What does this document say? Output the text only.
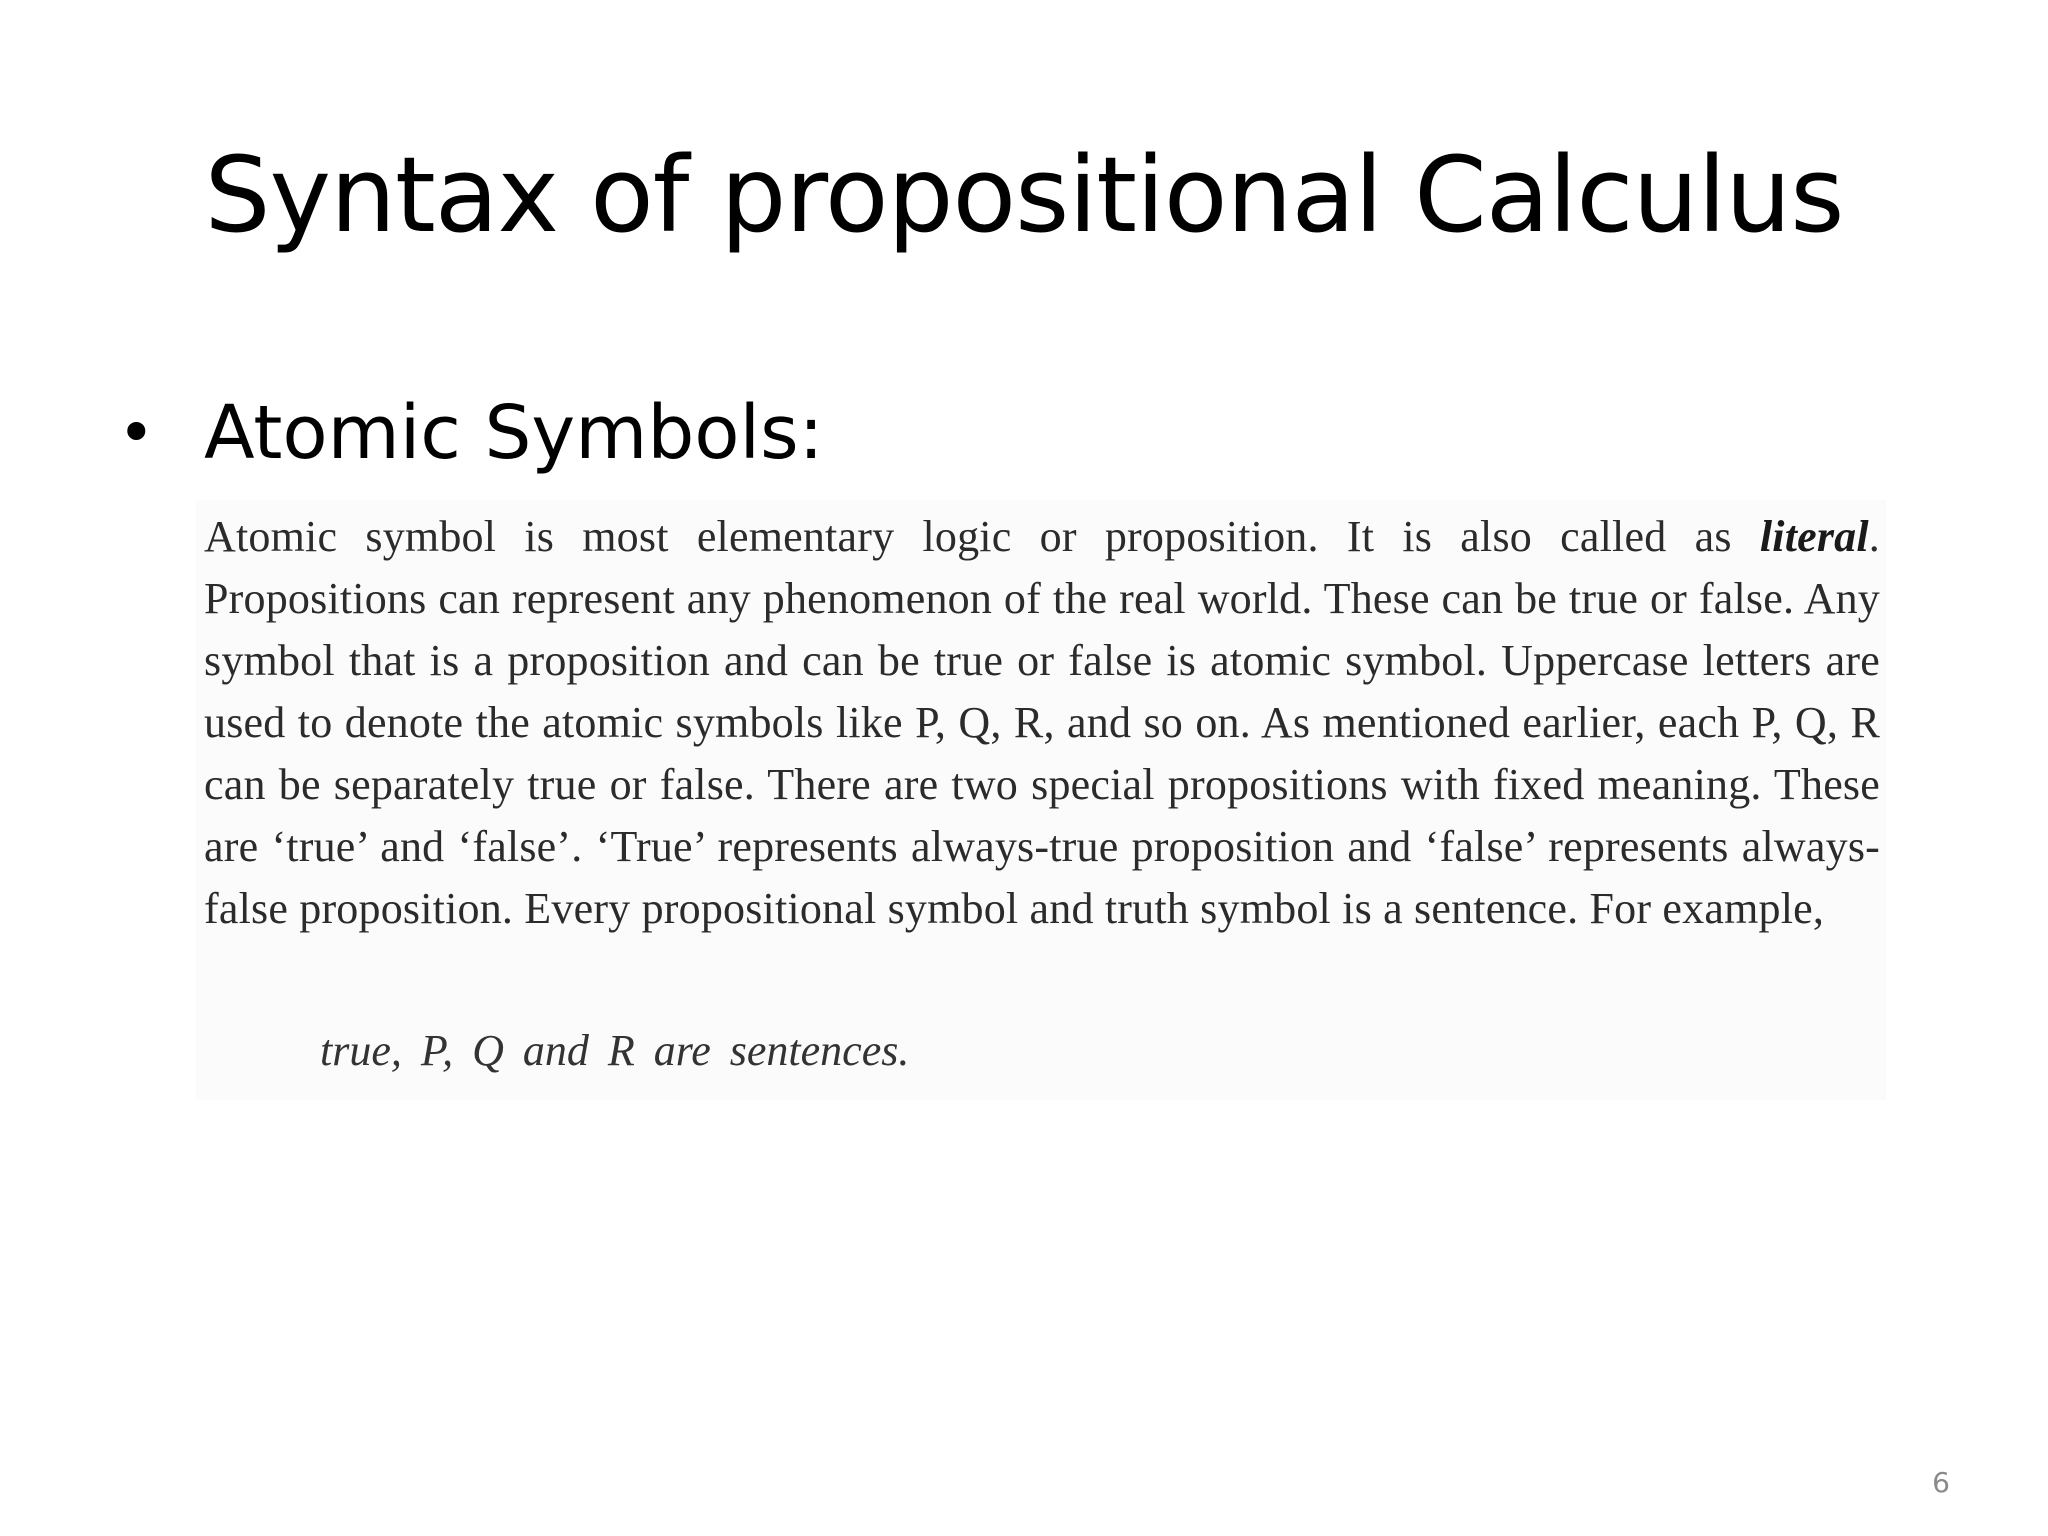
Syntax of propositional Calculus
• Atomic Symbols:

Atomic symbol is most elementary logic or proposition. It is also called as literal. Propositions can represent any phenomenon of the real world. These can be true or false. Any symbol that is a proposition and can be true or false is atomic symbol. Uppercase letters are used to denote the atomic symbols like P, Q, R, and so on. As mentioned earlier, each P, Q, R can be separately true or false. There are two special propositions with fixed meaning. These are ‘true’ and ‘false’. ‘True’ represents always-true proposition and ‘false’ represents always-false proposition. Every propositional symbol and truth symbol is a sentence. For example,

true, P, Q and R are sentences.

6
